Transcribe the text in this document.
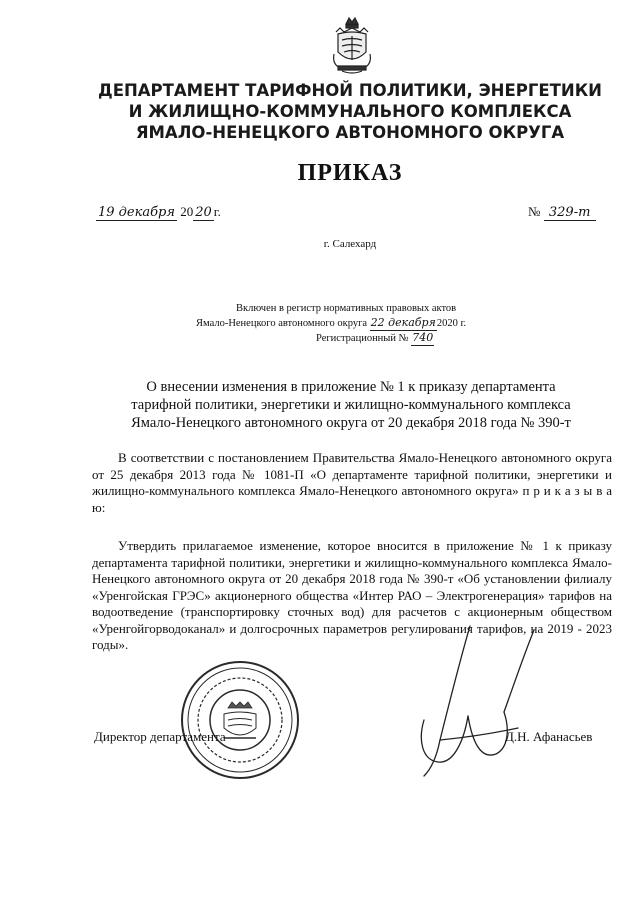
ДЕПАРТАМЕНТ ТАРИФНОЙ ПОЛИТИКИ, ЭНЕРГЕТИКИ
И ЖИЛИЩНО-КОММУНАЛЬНОГО КОМПЛЕКСА
ЯМАЛО-НЕНЕЦКОГО АВТОНОМНОГО ОКРУГА
ПРИКАЗ
19 декабря 20 20 г.	№ 329-т
г. Салехард
Включен в регистр нормативных правовых актов
Ямало-Ненецкого автономного округа 22 декабря2020 г.
Регистрационный № 740
О внесении изменения в приложение № 1 к приказу департамента
тарифной политики, энергетики и жилищно-коммунального комплекса
Ямало-Ненецкого автономного округа от 20 декабря 2018 года № 390-т
В соответствии с постановлением Правительства Ямало-Ненецкого автономного округа от 25 декабря 2013 года № 1081-П «О департаменте тарифной политики, энергетики и жилищно-коммунального комплекса Ямало-Ненецкого автономного округа» п р и к а з ы в а ю:
Утвердить прилагаемое изменение, которое вносится в приложение № 1 к приказу департамента тарифной политики, энергетики и жилищно-коммунального комплекса Ямало-Ненецкого автономного округа от 20 декабря 2018 года № 390-т «Об установлении филиалу «Уренгойская ГРЭС» акционерного общества «Интер РАО – Электрогенерация» тарифов на водоотведение (транспортировку сточных вод) для расчетов с акционерным обществом «Уренгойгорводоканал» и долгосрочных параметров регулирования тарифов, на 2019 - 2023 годы».
Директор департамента	Д.Н. Афанасьев
